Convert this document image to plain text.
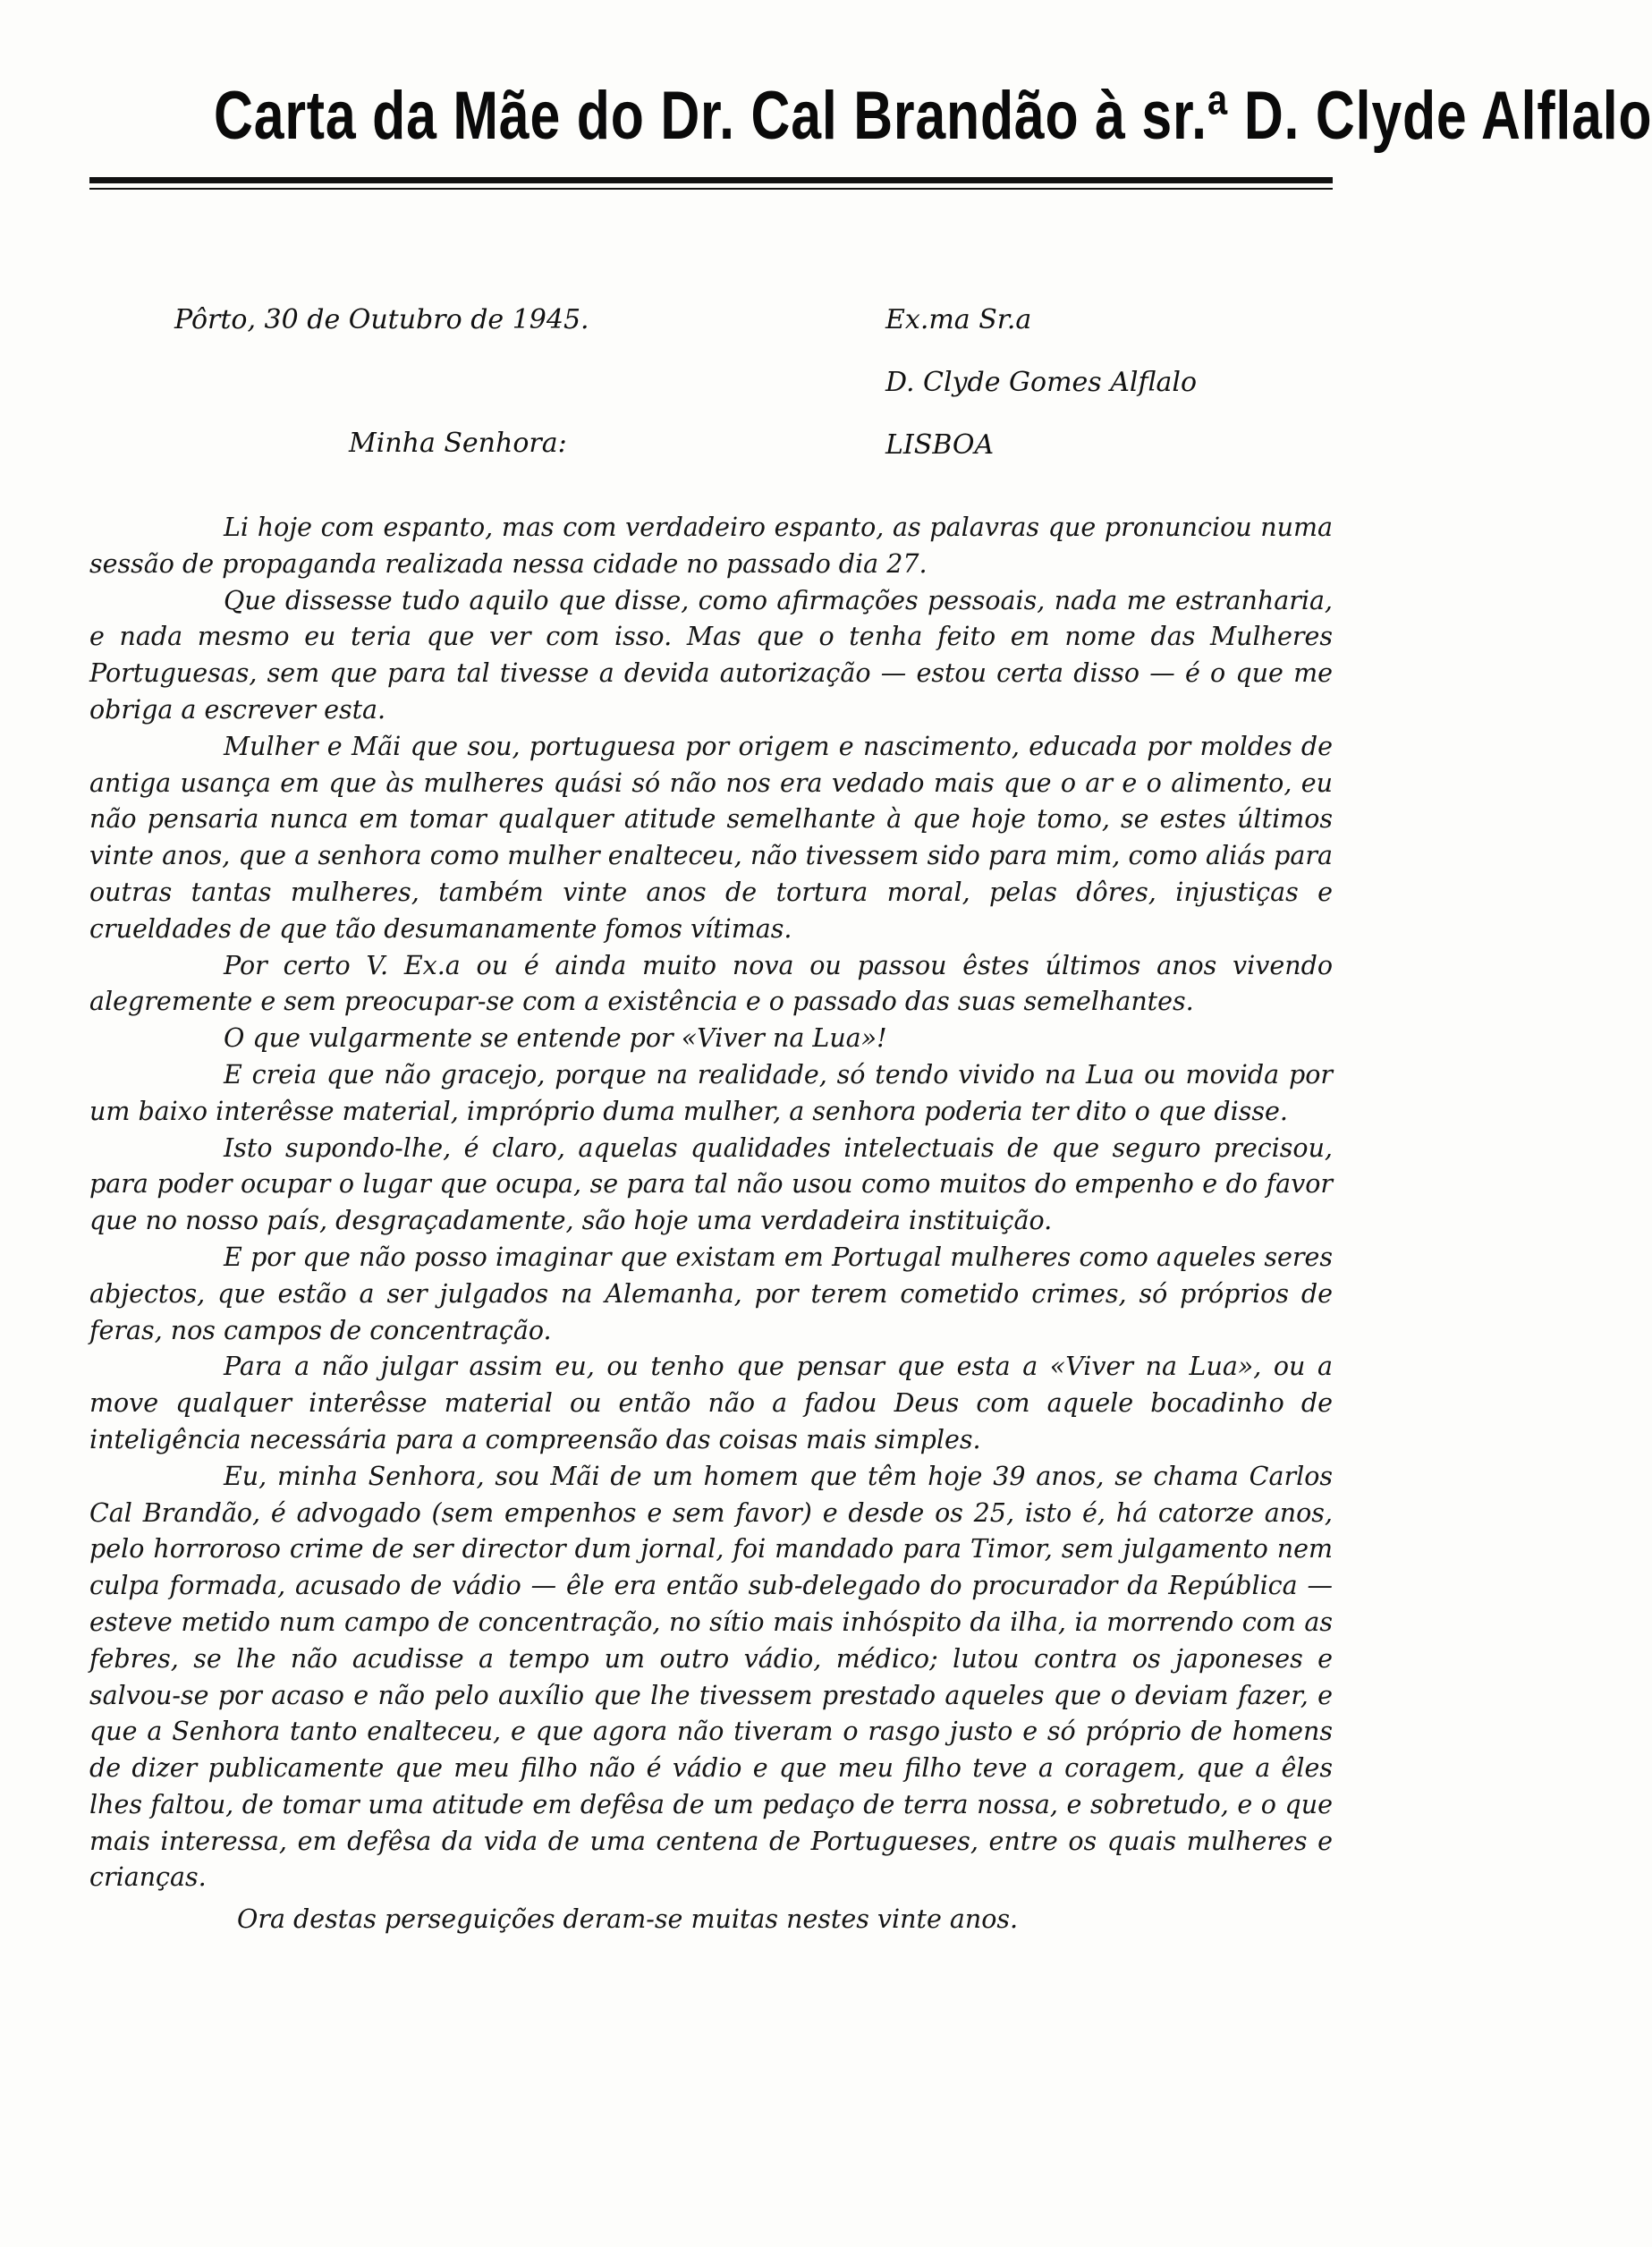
Carta da Mãe do Dr. Cal Brandão à sr.ª D. Clyde Alflalo
Pôrto, 30 de Outubro de 1945.
Minha Senhora:
Ex.ma Sr.a
D. Clyde Gomes Alflalo
LISBOA

Li hoje com espanto, mas com verdadeiro espanto, as palavras que pronunciou numa sessão de propaganda realizada nessa cidade no passado dia 27.

Que dissesse tudo aquilo que disse, como afirmações pessoais, nada me estranharia, e nada mesmo eu teria que ver com isso. Mas que o tenha feito em nome das Mulheres Portuguesas, sem que para tal tivesse a devida autorização — estou certa disso — é o que me obriga a escrever esta.

Mulher e Mãi que sou, portuguesa por origem e nascimento, educada por moldes de antiga usança em que às mulheres quási só não nos era vedado mais que o ar e o alimento, eu não pensaria nunca em tomar qualquer atitude semelhante à que hoje tomo, se estes últimos vinte anos, que a senhora como mulher enalteceu, não tivessem sido para mim, como aliás para outras tantas mulheres, também vinte anos de tortura moral, pelas dôres, injustiças e crueldades de que tão desumanamente fomos vítimas.

Por certo V. Ex.a ou é ainda muito nova ou passou êstes últimos anos vivendo alegremente e sem preocupar-se com a existência e o passado das suas semelhantes.

O que vulgarmente se entende por «Viver na Lua»!

E creia que não gracejo, porque na realidade, só tendo vivido na Lua ou movida por um baixo interêsse material, impróprio duma mulher, a senhora poderia ter dito o que disse.

Isto supondo-lhe, é claro, aquelas qualidades intelectuais de que seguro precisou, para poder ocupar o lugar que ocupa, se para tal não usou como muitos do empenho e do favor que no nosso país, desgraçadamente, são hoje uma verdadeira instituição.

E por que não posso imaginar que existam em Portugal mulheres como aqueles seres abjectos, que estão a ser julgados na Alemanha, por terem cometido crimes, só próprios de feras, nos campos de concentração.

Para a não julgar assim eu, ou tenho que pensar que esta a «Viver na Lua», ou a move qualquer interêsse material ou então não a fadou Deus com aquele bocadinho de inteligência necessária para a compreensão das coisas mais simples.

Eu, minha Senhora, sou Mãi de um homem que têm hoje 39 anos, se chama Carlos Cal Brandão, é advogado (sem empenhos e sem favor) e desde os 25, isto é, há catorze anos, pelo horroroso crime de ser director dum jornal, foi mandado para Timor, sem julgamento nem culpa formada, acusado de vádio — êle era então sub-delegado do procurador da República — esteve metido num campo de concentração, no sítio mais inhóspito da ilha, ia morrendo com as febres, se lhe não acudisse a tempo um outro vádio, médico; lutou contra os japoneses e salvou-se por acaso e não pelo auxílio que lhe tivessem prestado aqueles que o deviam fazer, e que a Senhora tanto enalteceu, e que agora não tiveram o rasgo justo e só próprio de homens de dizer publicamente que meu filho não é vádio e que meu filho teve a coragem, que a êles lhes faltou, de tomar uma atitude em defêsa de um pedaço de terra nossa, e sobretudo, e o que mais interessa, em defêsa da vida de uma centena de Portugueses, entre os quais mulheres e crianças.

Ora destas perseguições deram-se muitas nestes vinte anos.
